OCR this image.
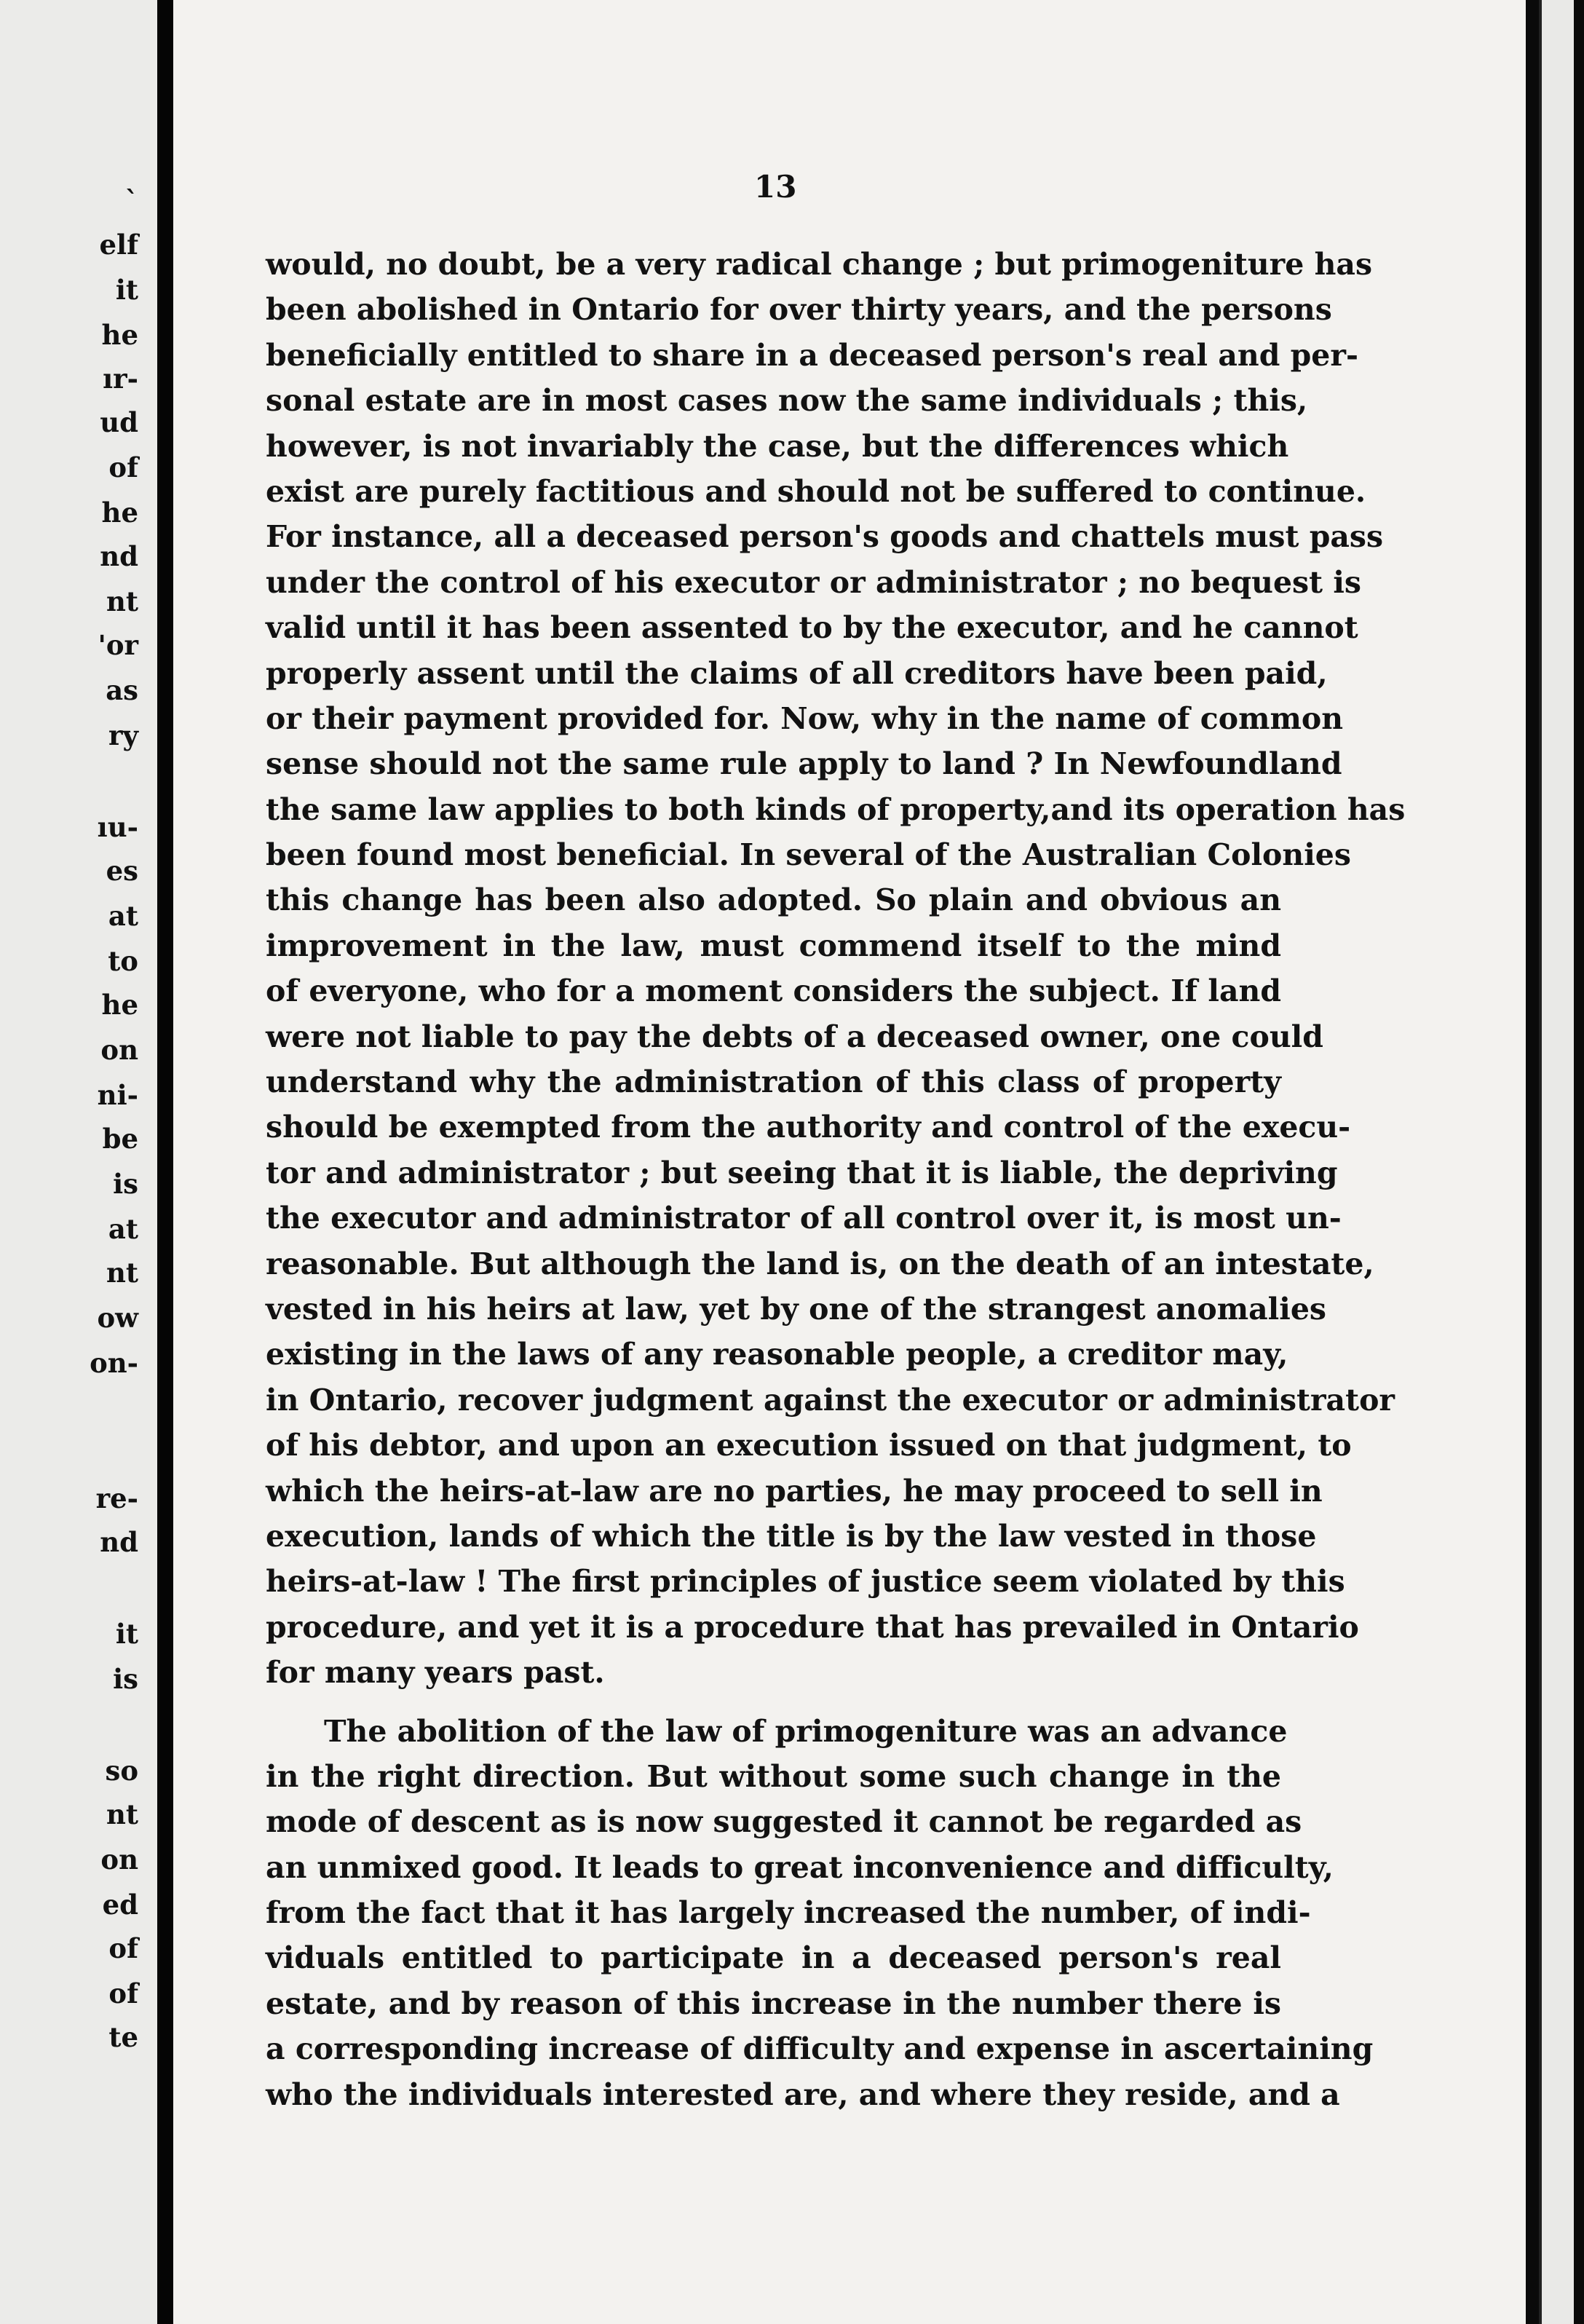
`
elf
it
he
ır-
ud
of
he
nd
nt
'or
as
ry
ıu-
es
at
to
he
on
ni-
be
is
at
nt
ow
on-
re-
nd
it
is
so
nt
on
ed
of
of
te
13
would, no doubt, be a very radical change ; but primogeniture has
been abolished in Ontario for over thirty years, and the persons
beneficially entitled to share in a deceased person's real and per-
sonal estate are in most cases now the same individuals ; this,
however, is not invariably the case, but the differences which
exist are purely factitious and should not be suffered to continue.
For instance, all a deceased person's goods and chattels must pass
under the control of his executor or administrator ; no bequest is
valid until it has been assented to by the executor, and he cannot
properly assent until the claims of all creditors have been paid,
or their payment provided for. Now, why in the name of common
sense should not the same rule apply to land ? In Newfoundland
the same law applies to both kinds of property,and its operation has
been found most beneficial. In several of the Australian Colonies
this change has been also adopted. So plain and obvious an
improvement in the law, must commend itself to the mind
of everyone, who for a moment considers the subject. If land
were not liable to pay the debts of a deceased owner, one could
understand why the administration of this class of property
should be exempted from the authority and control of the execu-
tor and administrator ; but seeing that it is liable, the depriving
the executor and administrator of all control over it, is most un-
reasonable. But although the land is, on the death of an intestate,
vested in his heirs at law, yet by one of the strangest anomalies
existing in the laws of any reasonable people, a creditor may,
in Ontario, recover judgment against the executor or administrator
of his debtor, and upon an execution issued on that judgment, to
which the heirs-at-law are no parties, he may proceed to sell in
execution, lands of which the title is by the law vested in those
heirs-at-law ! The first principles of justice seem violated by this
procedure, and yet it is a procedure that has prevailed in Ontario
for many years past.
The abolition of the law of primogeniture was an advance
in the right direction. But without some such change in the
mode of descent as is now suggested it cannot be regarded as
an unmixed good. It leads to great inconvenience and difficulty,
from the fact that it has largely increased the number, of indi-
viduals entitled to participate in a deceased person's real
estate, and by reason of this increase in the number there is
a corresponding increase of difficulty and expense in ascertaining
who the individuals interested are, and where they reside, and a
